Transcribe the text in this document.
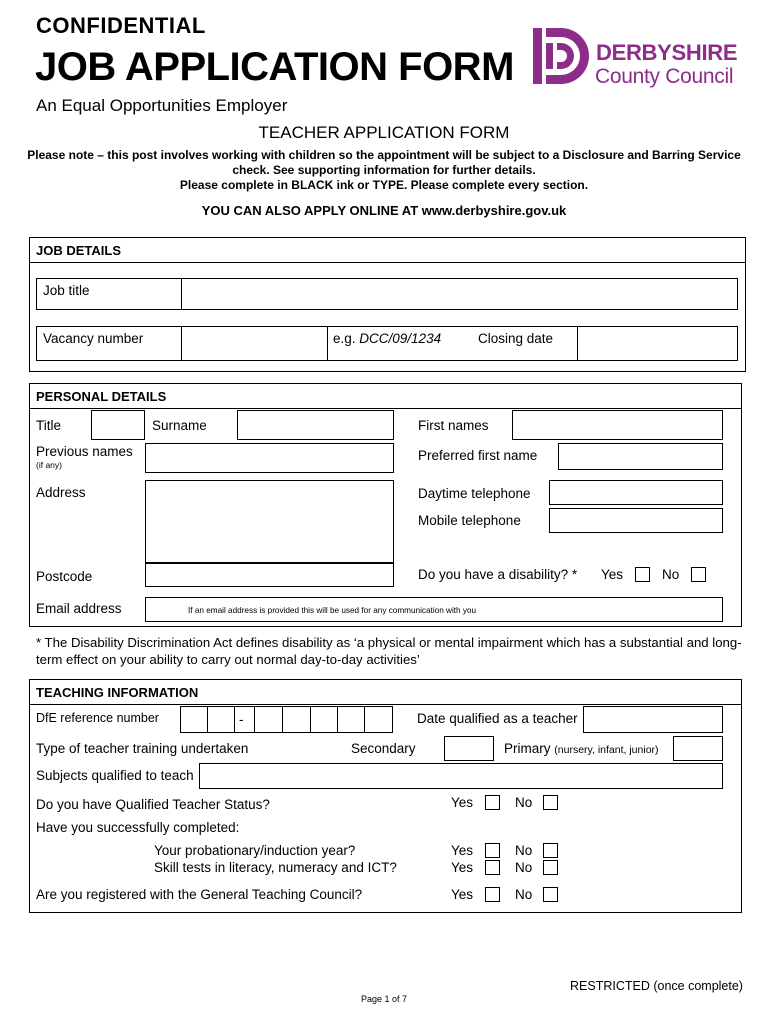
CONFIDENTIAL
JOB APPLICATION FORM
An Equal Opportunities Employer
DERBYSHIRE
County Council
TEACHER APPLICATION FORM
Please note – this post involves working with children so the appointment will be subject to a Disclosure and Barring Service
check. See supporting information for further details.
Please complete in BLACK ink or TYPE. Please complete every section.
YOU CAN ALSO APPLY ONLINE AT www.derbyshire.gov.uk
JOB DETAILS
Job title
Vacancy number	e.g. DCC/09/1234	Closing date
PERSONAL DETAILS
Title	Surname	First names
Previous names
(if any)
Preferred first name
Address	Daytime telephone
Mobile telephone
Postcode	Do you have a disability? * Yes	No
Email address	If an email address is provided this will be used for any communication with you
* The Disability Discrimination Act defines disability as ‘a physical or mental impairment which has a substantial and long-
term effect on your ability to carry out normal day-to-day activities’
TEACHING INFORMATION
DfE reference number	-	Date qualified as a teacher
Type of teacher training undertaken	Secondary	Primary (nursery, infant, junior)
Subjects qualified to teach
Do you have Qualified Teacher Status?	Yes	No
Have you successfully completed:
Your probationary/induction year?	Yes	No
Skill tests in literacy, numeracy and ICT?	Yes	No
Are you registered with the General Teaching Council?	Yes	No
RESTRICTED (once complete)
Page 1 of 7
